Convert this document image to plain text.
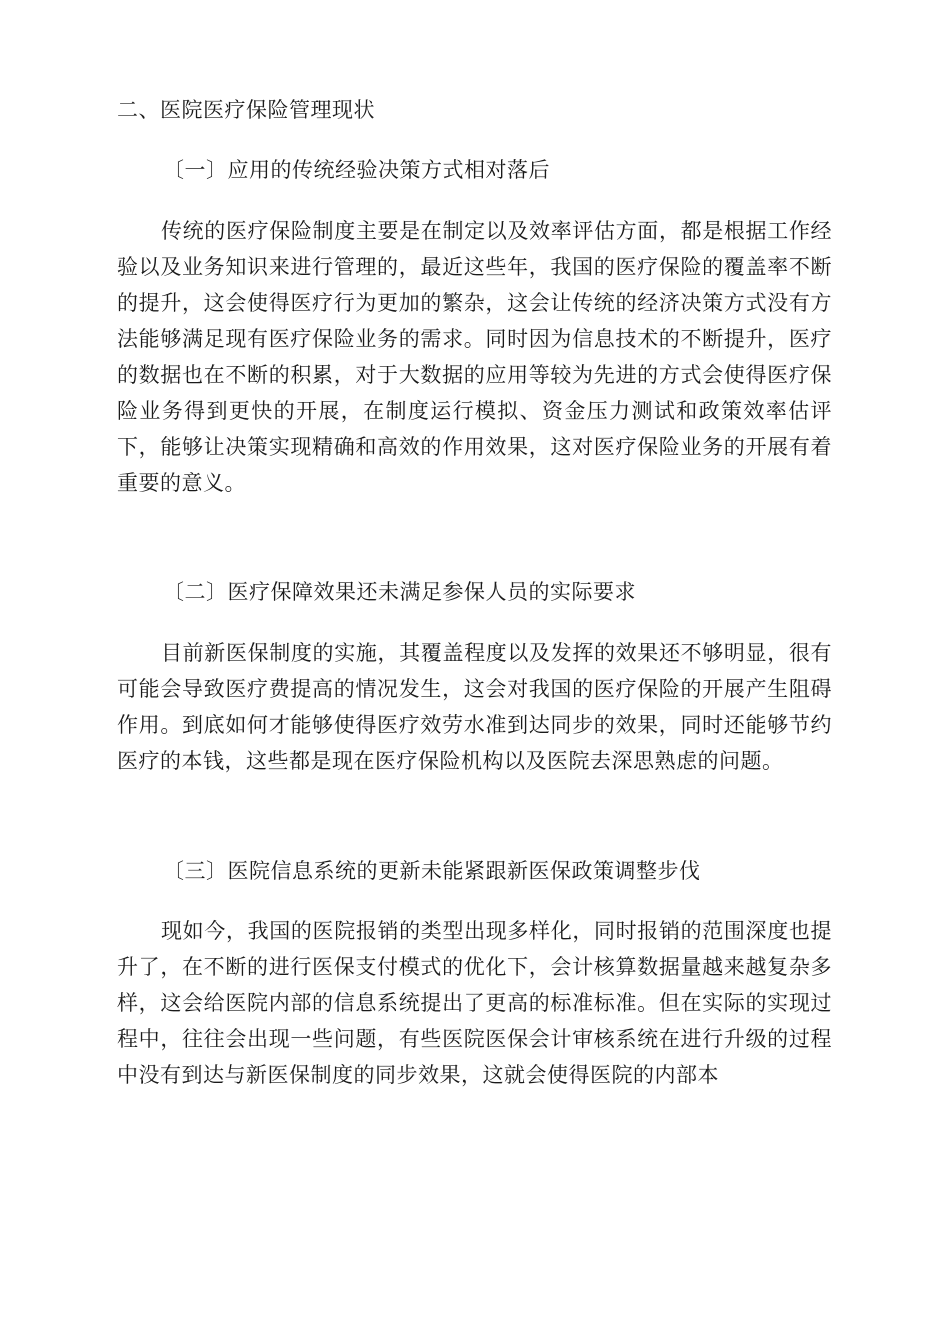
二、医院医疗保险管理现状
〔一〕应用的传统经验决策方式相对落后

传统的医疗保险制度主要是在制定以及效率评估方面，都是根据工作经验以及业务知识来进行管理的，最近这些年，我国的医疗保险的覆盖率不断的提升，这会使得医疗行为更加的繁杂，这会让传统的经济决策方式没有方法能够满足现有医疗保险业务的需求。同时因为信息技术的不断提升，医疗的数据也在不断的积累，对于大数据的应用等较为先进的方式会使得医疗保险业务得到更快的开展，在制度运行模拟、资金压力测试和政策效率估评下，能够让决策实现精确和高效的作用效果，这对医疗保险业务的开展有着重要的意义。

〔二〕医疗保障效果还未满足参保人员的实际要求

目前新医保制度的实施，其覆盖程度以及发挥的效果还不够明显，很有可能会导致医疗费提高的情况发生，这会对我国的医疗保险的开展产生阻碍作用。到底如何才能够使得医疗效劳水准到达同步的效果，同时还能够节约医疗的本钱，这些都是现在医疗保险机构以及医院去深思熟虑的问题。

〔三〕医院信息系统的更新未能紧跟新医保政策调整步伐

现如今，我国的医院报销的类型出现多样化，同时报销的范围深度也提升了，在不断的进行医保支付模式的优化下，会计核算数据量越来越复杂多样，这会给医院内部的信息系统提出了更高的标准标准。但在实际的实现过程中，往往会出现一些问题，有些医院医保会计审核系统在进行升级的过程中没有到达与新医保制度的同步效果，这就会使得医院的内部本
